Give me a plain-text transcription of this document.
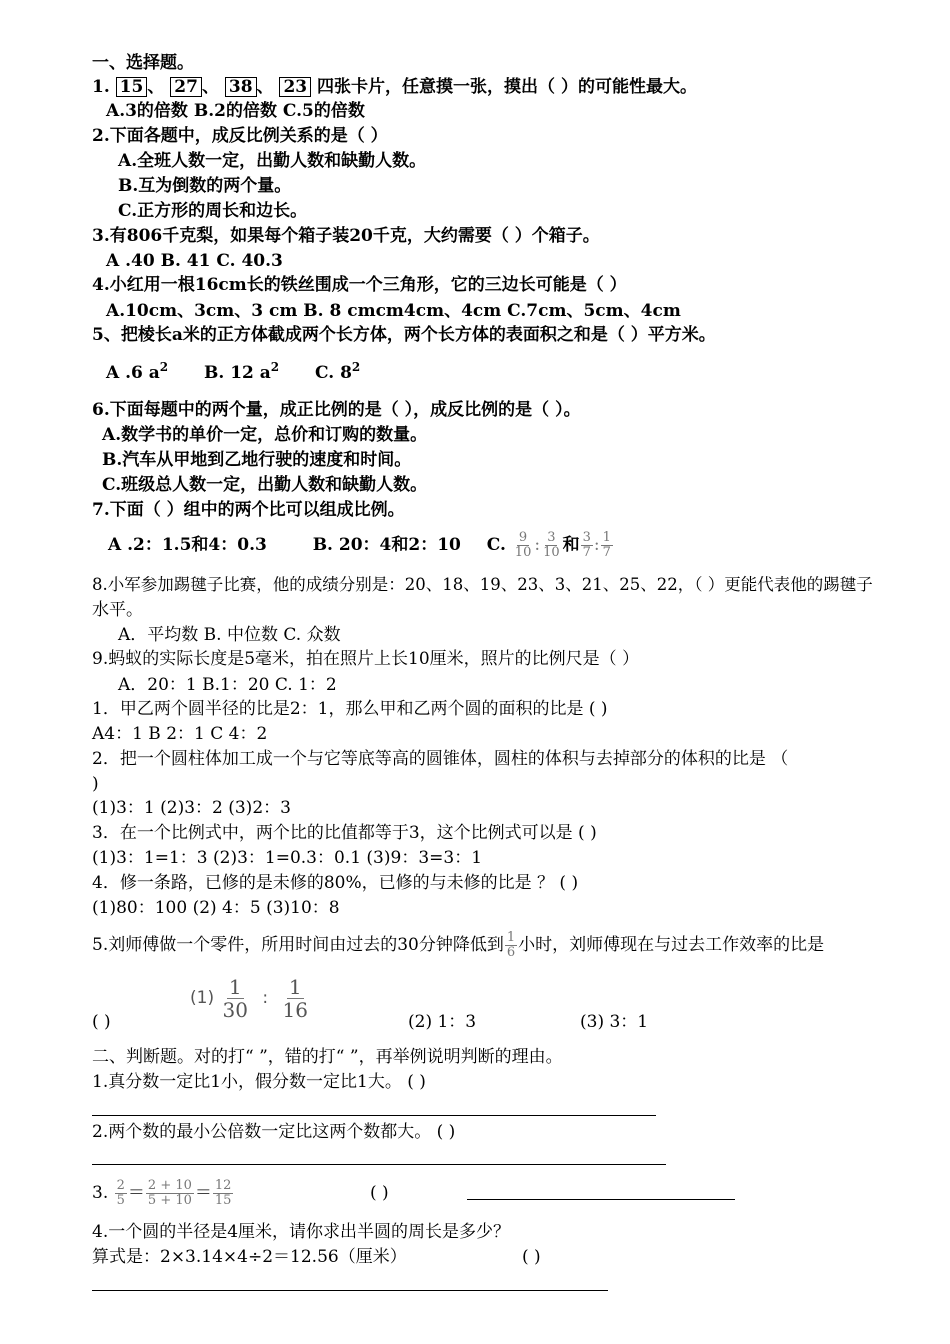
一、选择题。
1. 15 、 27 、 38 、 23 四张卡片，任意摸一张，摸出（ ）的可能性最大。
A.3的倍数 B.2的倍数 C.5的倍数
2.下面各题中，成反比例关系的是（ ）
A.全班人数一定，出勤人数和缺勤人数。
B.互为倒数的两个量。
C.正方形的周长和边长。
3.有806千克梨，如果每个箱子装20千克，大约需要（ ）个箱子。
A .40 B. 41 C. 40.3
4.小红用一根16cm长的铁丝围成一个三角形，它的三边长可能是（ ）
A.10cm、3cm、3 cm B. 8 cmcm4cm、4cm C.7cm、5cm、4cm
5、把棱长a米的正方体截成两个长方体，两个长方体的表面积之和是（ ）平方米。
A .6 $a^2$ B. 12 $a^2$ C. $8^2$
6.下面每题中的两个量，成正比例的是（ ），成反比例的是（ ）。
A.数学书的单价一定，总价和订购的数量。
B.汽车从甲地到乙地行驶的速度和时间。
C.班级总人数一定，出勤人数和缺勤人数。
7.下面（ ）组中的两个比可以组成比例。
A .2：1.5和4：0.3	B. 20：4和2：10 C. $\frac{9}{10}$ : $\frac{3}{10}$ 和 $\frac{3}{7}$ : $\frac{1}{7}$
8.小军参加踢毽子比赛，他的成绩分别是：20、18、19、23、3、21、25、22，（ ）更能代表他的踢毽子
水平。
A．平均数 B. 中位数 C. 众数
9.蚂蚁的实际长度是5毫米，拍在照片上长10厘米，照片的比例尺是（ ）
A．20：1 B.1：20 C. 1：2
1．甲乙两个圆半径的比是2：1，那么甲和乙两个圆的面积的比是 ( )
A4：1 B 2：1 C 4：2
2．把一个圆柱体加工成一个与它等底等高的圆锥体，圆柱的体积与去掉部分的体积的比是 （
)
(1)3：1 (2)3：2 (3)2：3
3．在一个比例式中，两个比的比值都等于3，这个比例式可以是 ( )
(1)3：1=1：3 (2)3：1=0.3：0.1 (3)9：3=3：1
4．修一条路，已修的是未修的80%，已修的与未修的比是 ？ ( )
(1)80：100 (2) 4：5 (3)10：8
5.刘师傅做一个零件，所用时间由过去的30分钟降低到 $\frac{1}{6}$ 小时，刘师傅现在与过去工作效率的比是
$(1) \frac{1}{30}$ : $\frac{1}{16}$
( )	(2) 1：3	(3) 3：1
二、判断题。对的打“ ”，错的打“ ”，再举例说明判断的理由。
1.真分数一定比1小，假分数一定比1大。 ( )
2.两个数的最小公倍数一定比这两个数都大。 ( )
3. $\frac{2}{5} = \frac{2 + 10}{5 + 10} = \frac{12}{15}$	( )
4.一个圆的半径是4厘米，请你求出半圆的周长是多少？
算式是：2×3.14×4÷2＝12.56（厘米）	( )
